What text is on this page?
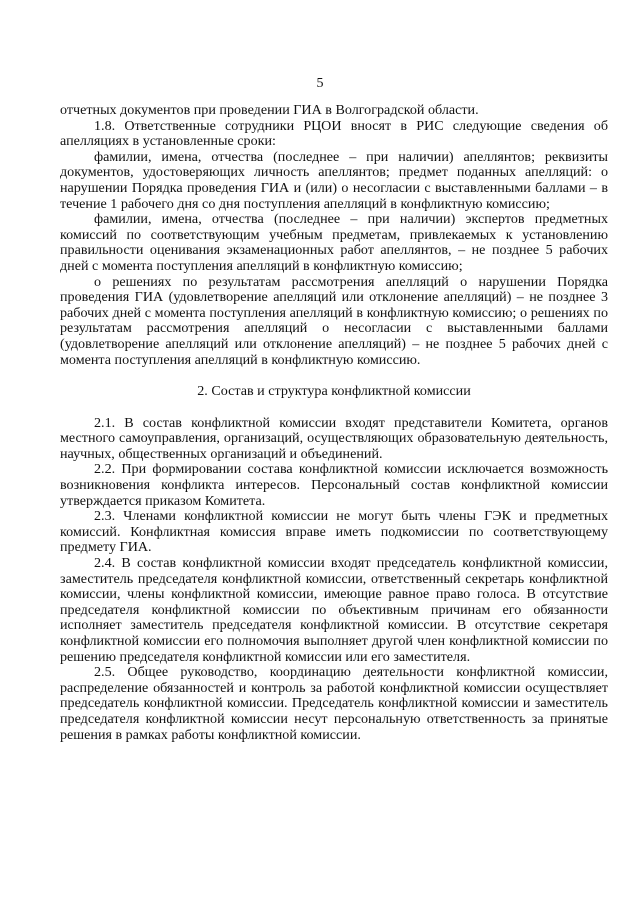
5

отчетных документов при проведении ГИА в Волгоградской области.

1.8. Ответственные сотрудники РЦОИ вносят в РИС следующие сведения об апелляциях в установленные сроки:

фамилии, имена, отчества (последнее – при наличии) апеллянтов; реквизиты документов, удостоверяющих личность апеллянтов; предмет поданных апелляций: о нарушении Порядка проведения ГИА и (или) о несогласии с выставленными баллами – в течение 1 рабочего дня со дня поступления апелляций в конфликтную комиссию;

фамилии, имена, отчества (последнее – при наличии) экспертов предметных комиссий по соответствующим учебным предметам, привлекаемых к установлению правильности оценивания экзаменационных работ апеллянтов, – не позднее 5 рабочих дней с момента поступления апелляций в конфликтную комиссию;

о решениях по результатам рассмотрения апелляций о нарушении Порядка проведения ГИА (удовлетворение апелляций или отклонение апелляций) – не позднее 3 рабочих дней с момента поступления апелляций в конфликтную комиссию; о решениях по результатам рассмотрения апелляций о несогласии с выставленными баллами (удовлетворение апелляций или отклонение апелляций) – не позднее 5 рабочих дней с момента поступления апелляций в конфликтную комиссию.

2. Состав и структура конфликтной комиссии

2.1. В состав конфликтной комиссии входят представители Комитета, органов местного самоуправления, организаций, осуществляющих образовательную деятельность, научных, общественных организаций и объединений.

2.2. При формировании состава конфликтной комиссии исключается возможность возникновения конфликта интересов. Персональный состав конфликтной комиссии утверждается приказом Комитета.

2.3. Членами конфликтной комиссии не могут быть члены ГЭК и предметных комиссий. Конфликтная комиссия вправе иметь подкомиссии по соответствующему предмету ГИА.

2.4. В состав конфликтной комиссии входят председатель конфликтной комиссии, заместитель председателя конфликтной комиссии, ответственный секретарь конфликтной комиссии, члены конфликтной комиссии, имеющие равное право голоса. В отсутствие председателя конфликтной комиссии по объективным причинам его обязанности исполняет заместитель председателя конфликтной комиссии. В отсутствие секретаря конфликтной комиссии его полномочия выполняет другой член конфликтной комиссии по решению председателя конфликтной комиссии или его заместителя.

2.5. Общее руководство, координацию деятельности конфликтной комиссии, распределение обязанностей и контроль за работой конфликтной комиссии осуществляет председатель конфликтной комиссии. Председатель конфликтной комиссии и заместитель председателя конфликтной комиссии несут персональную ответственность за принятые решения в рамках работы конфликтной комиссии.
